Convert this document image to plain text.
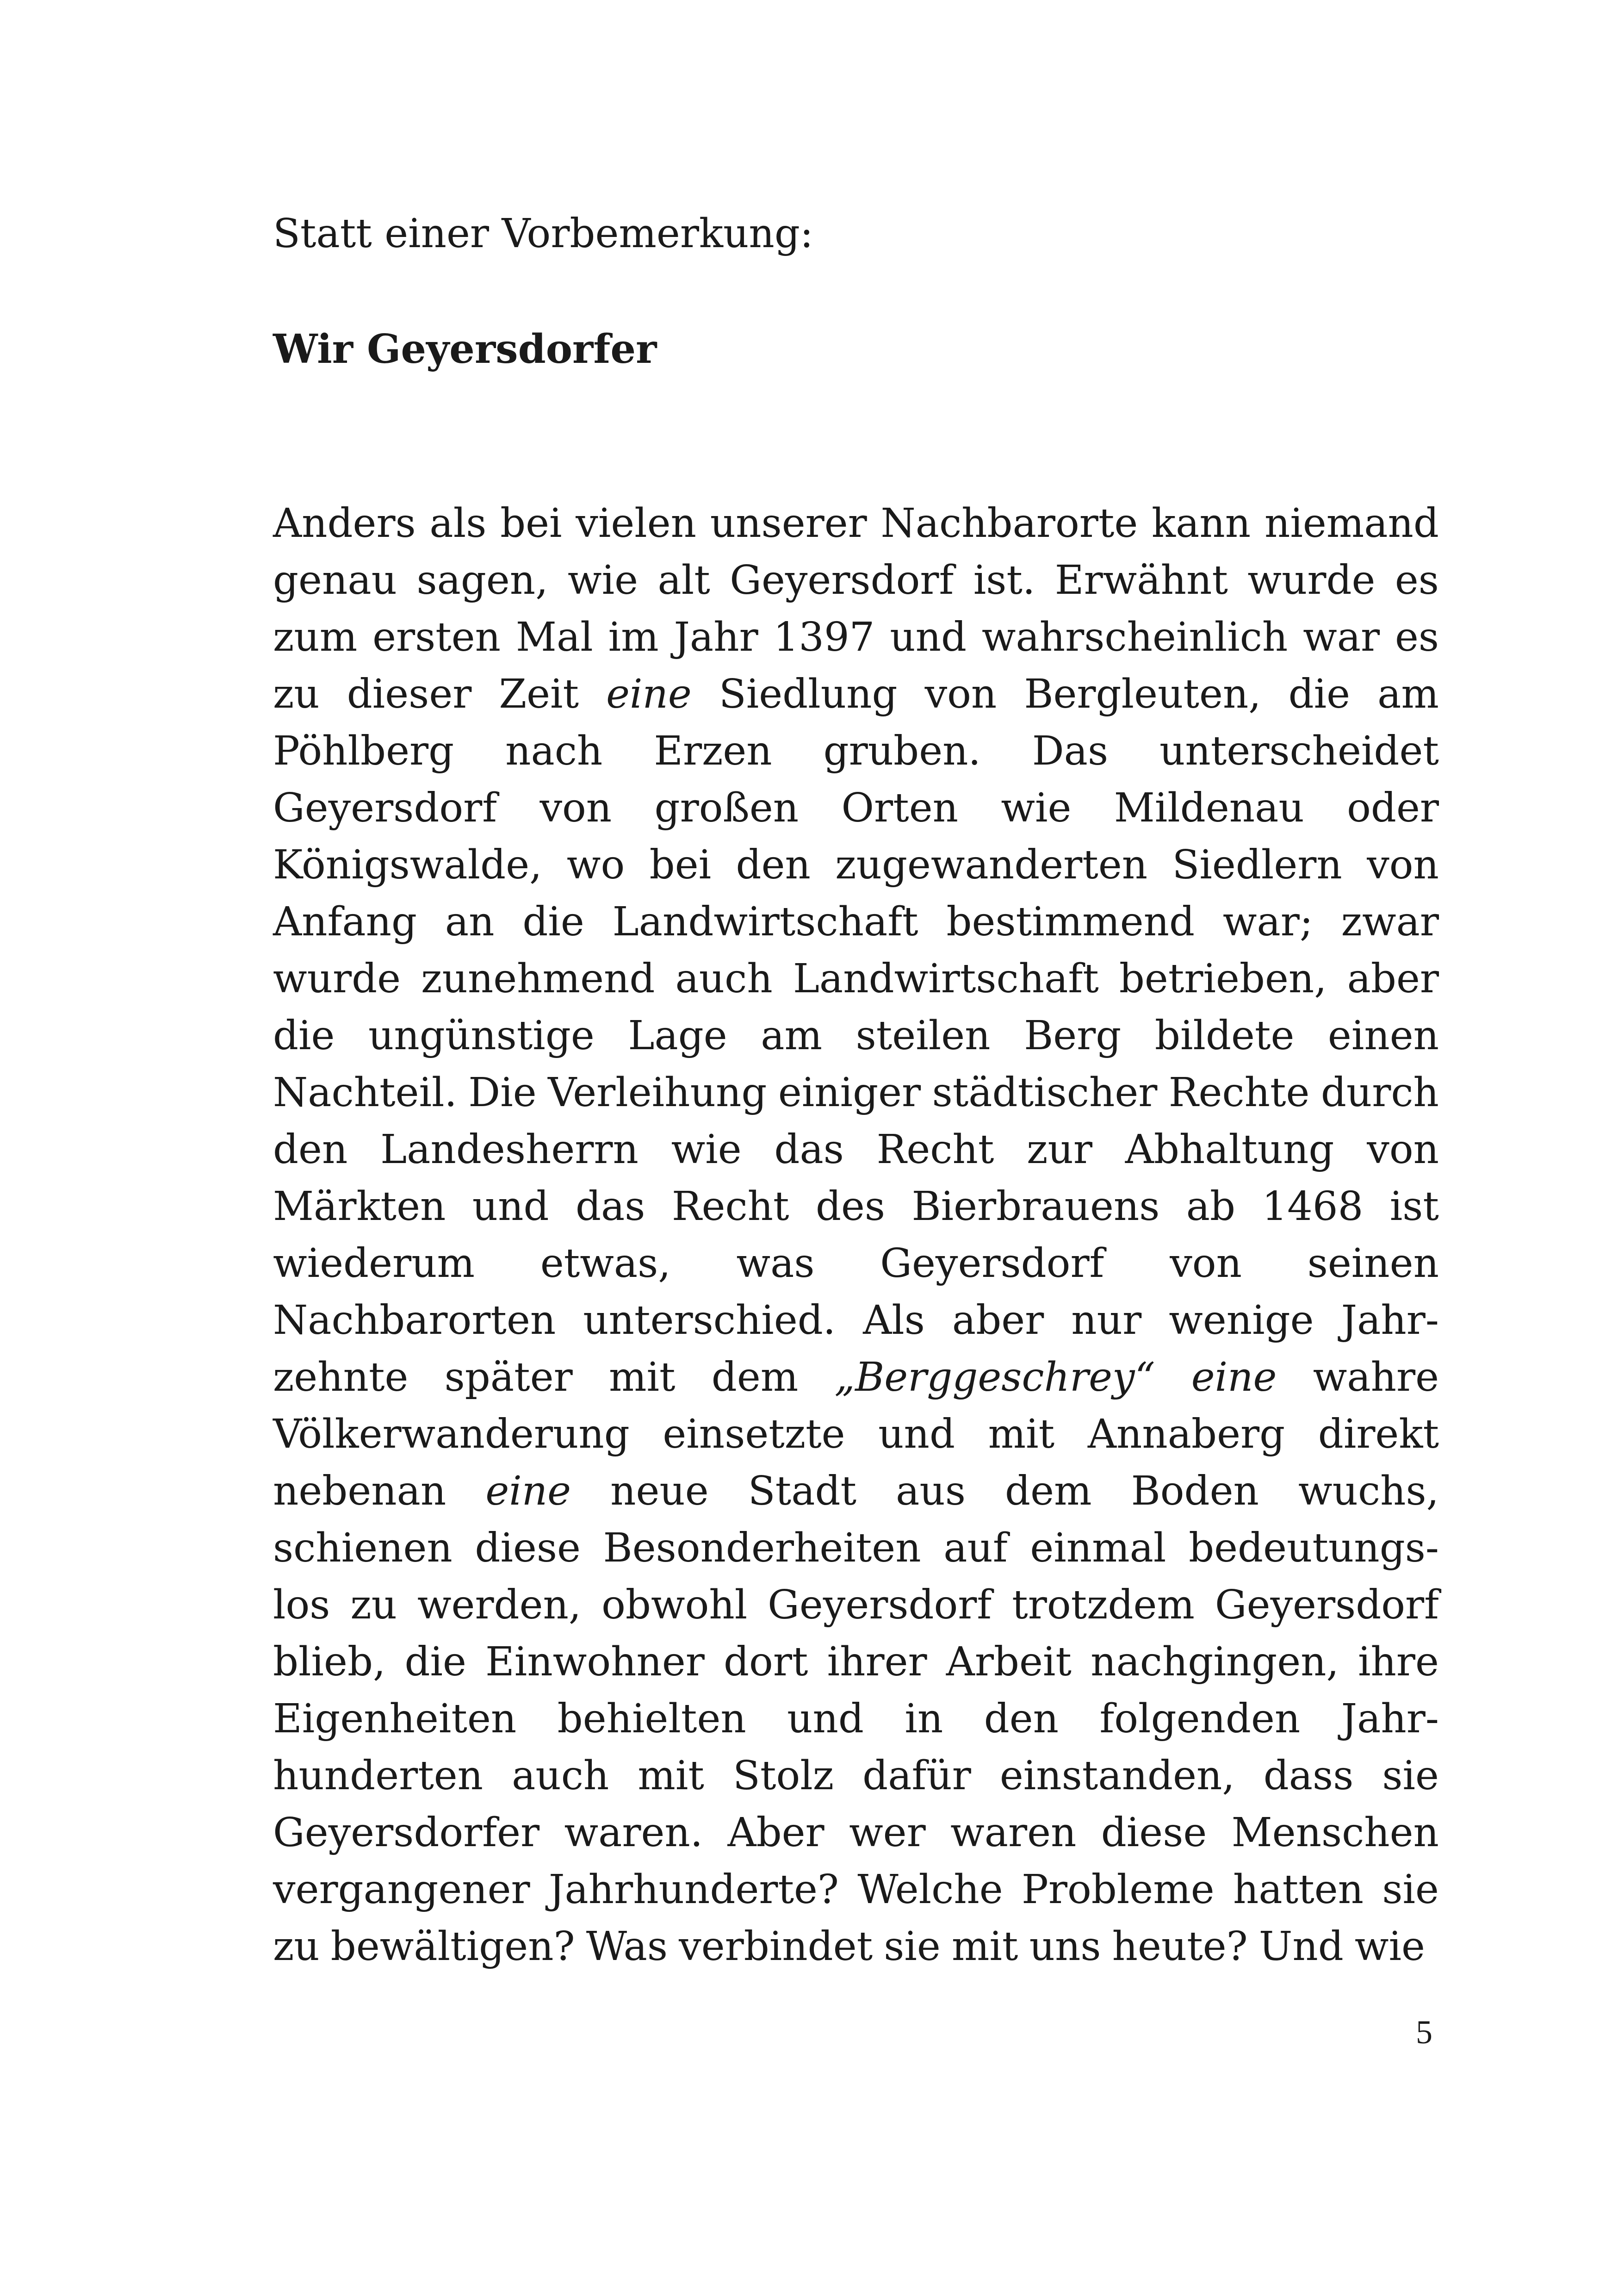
Statt einer Vorbemerkung:

Wir Geyersdorfer
Anders als bei vielen unserer Nachbarorte kann niemand
genau sagen, wie alt Geyersdorf ist. Erwähnt wurde es
zum ersten Mal im Jahr 1397 und wahrscheinlich war es
zu dieser Zeit eine Siedlung von Bergleuten, die am
Pöhlberg nach Erzen gruben. Das unterscheidet
Geyersdorf von großen Orten wie Mildenau oder
Königswalde, wo bei den zugewanderten Siedlern von
Anfang an die Landwirtschaft bestimmend war; zwar
wurde zunehmend auch Landwirtschaft betrieben, aber
die ungünstige Lage am steilen Berg bildete einen
Nachteil. Die Verleihung einiger städtischer Rechte durch
den Landesherrn wie das Recht zur Abhaltung von
Märkten und das Recht des Bierbrauens ab 1468 ist
wiederum etwas, was Geyersdorf von seinen
Nachbarorten unterschied. Als aber nur wenige Jahr-
zehnte später mit dem „Berggeschrey“ eine wahre
Völkerwanderung einsetzte und mit Annaberg direkt
nebenan eine neue Stadt aus dem Boden wuchs,
schienen diese Besonderheiten auf einmal bedeutungs-
los zu werden, obwohl Geyersdorf trotzdem Geyersdorf
blieb, die Einwohner dort ihrer Arbeit nachgingen, ihre
Eigenheiten behielten und in den folgenden Jahr-
hunderten auch mit Stolz dafür einstanden, dass sie
Geyersdorfer waren. Aber wer waren diese Menschen
vergangener Jahrhunderte? Welche Probleme hatten sie
zu bewältigen? Was verbindet sie mit uns heute? Und wie

5
